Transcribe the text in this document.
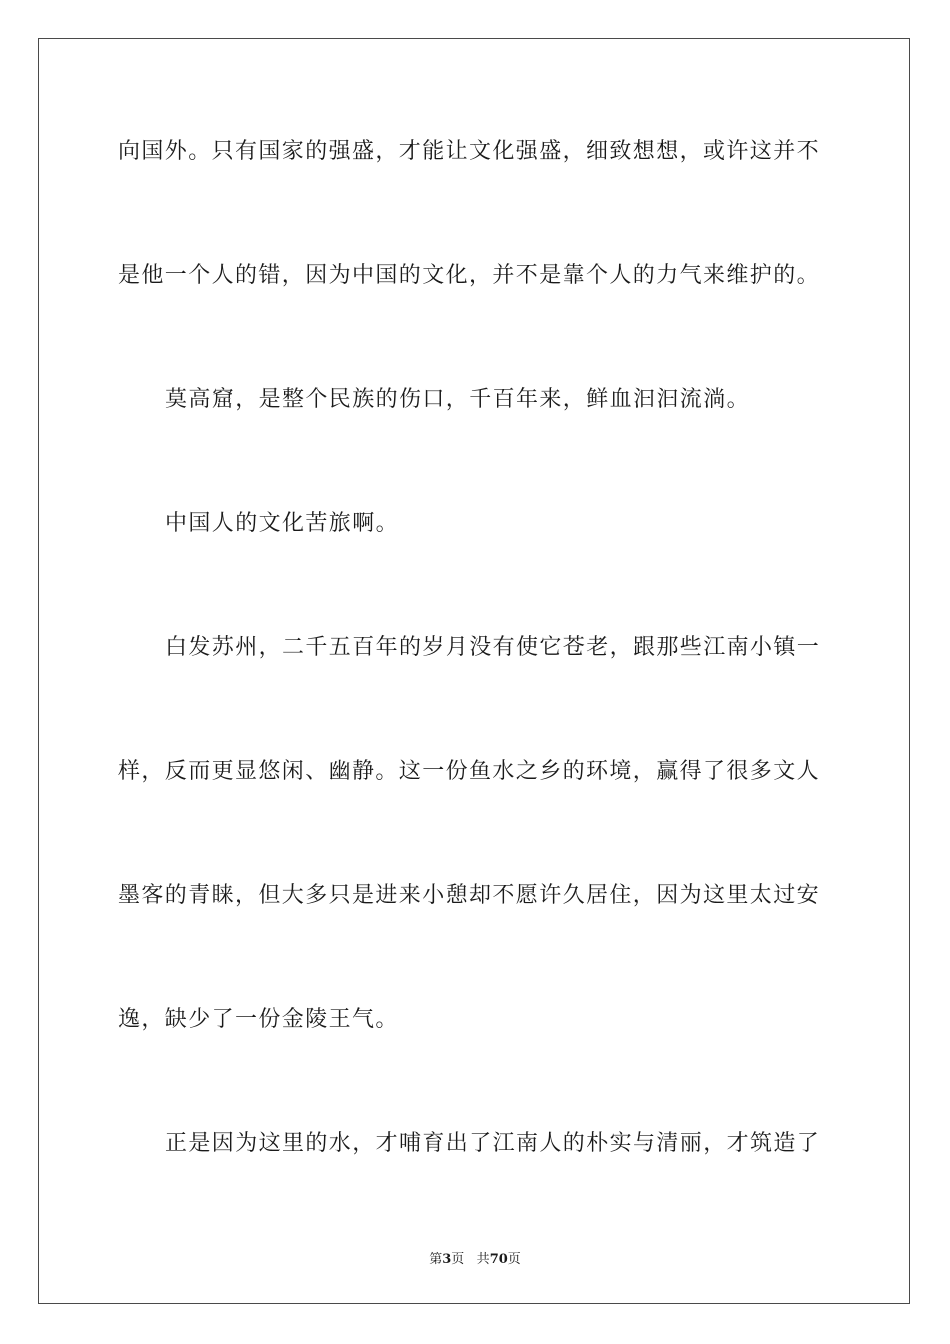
向国外。只有国家的强盛，才能让文化强盛，细致想想，或许这并不
是他一个人的错，因为中国的文化，并不是靠个人的力气来维护的。
莫高窟，是整个民族的伤口，千百年来，鲜血汩汩流淌。
中国人的文化苦旅啊。
白发苏州，二千五百年的岁月没有使它苍老，跟那些江南小镇一
样，反而更显悠闲、幽静。这一份鱼水之乡的环境，赢得了很多文人
墨客的青睐，但大多只是进来小憩却不愿许久居住，因为这里太过安
逸，缺少了一份金陵王气。
正是因为这里的水，才哺育出了江南人的朴实与清丽，才筑造了
第3页 共70页
